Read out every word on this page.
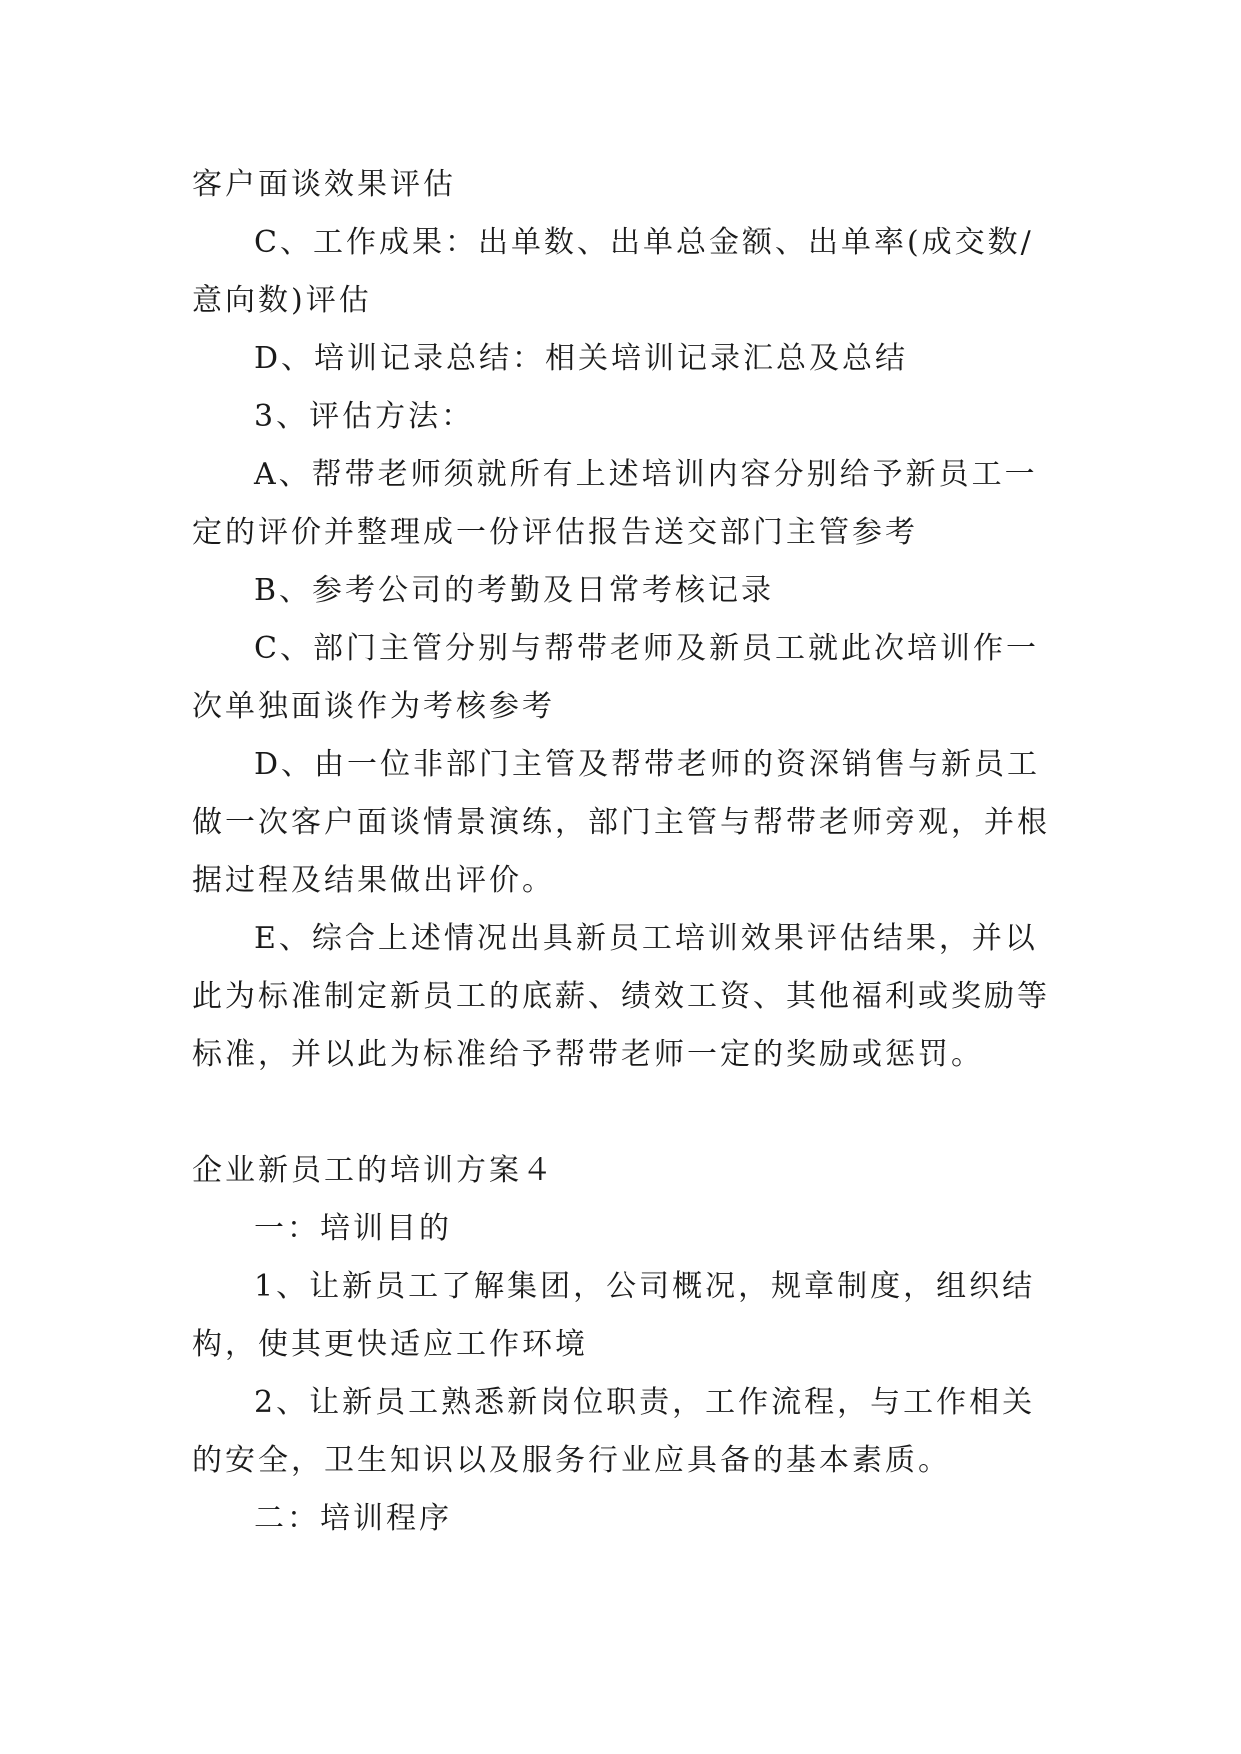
客户面谈效果评估

C、工作成果：出单数、出单总金额、出单率(成交数/意向数)评估

D、培训记录总结：相关培训记录汇总及总结

3、评估方法：

A、帮带老师须就所有上述培训内容分别给予新员工一定的评价并整理成一份评估报告送交部门主管参考

B、参考公司的考勤及日常考核记录

C、部门主管分别与帮带老师及新员工就此次培训作一次单独面谈作为考核参考

D、由一位非部门主管及帮带老师的资深销售与新员工做一次客户面谈情景演练，部门主管与帮带老师旁观，并根据过程及结果做出评价。

E、综合上述情况出具新员工培训效果评估结果，并以此为标准制定新员工的底薪、绩效工资、其他福利或奖励等标准，并以此为标准给予帮带老师一定的奖励或惩罚。

企业新员工的培训方案４

一：培训目的

1、让新员工了解集团，公司概况，规章制度，组织结构，使其更快适应工作环境

2、让新员工熟悉新岗位职责，工作流程，与工作相关的安全，卫生知识以及服务行业应具备的基本素质。

二：培训程序
